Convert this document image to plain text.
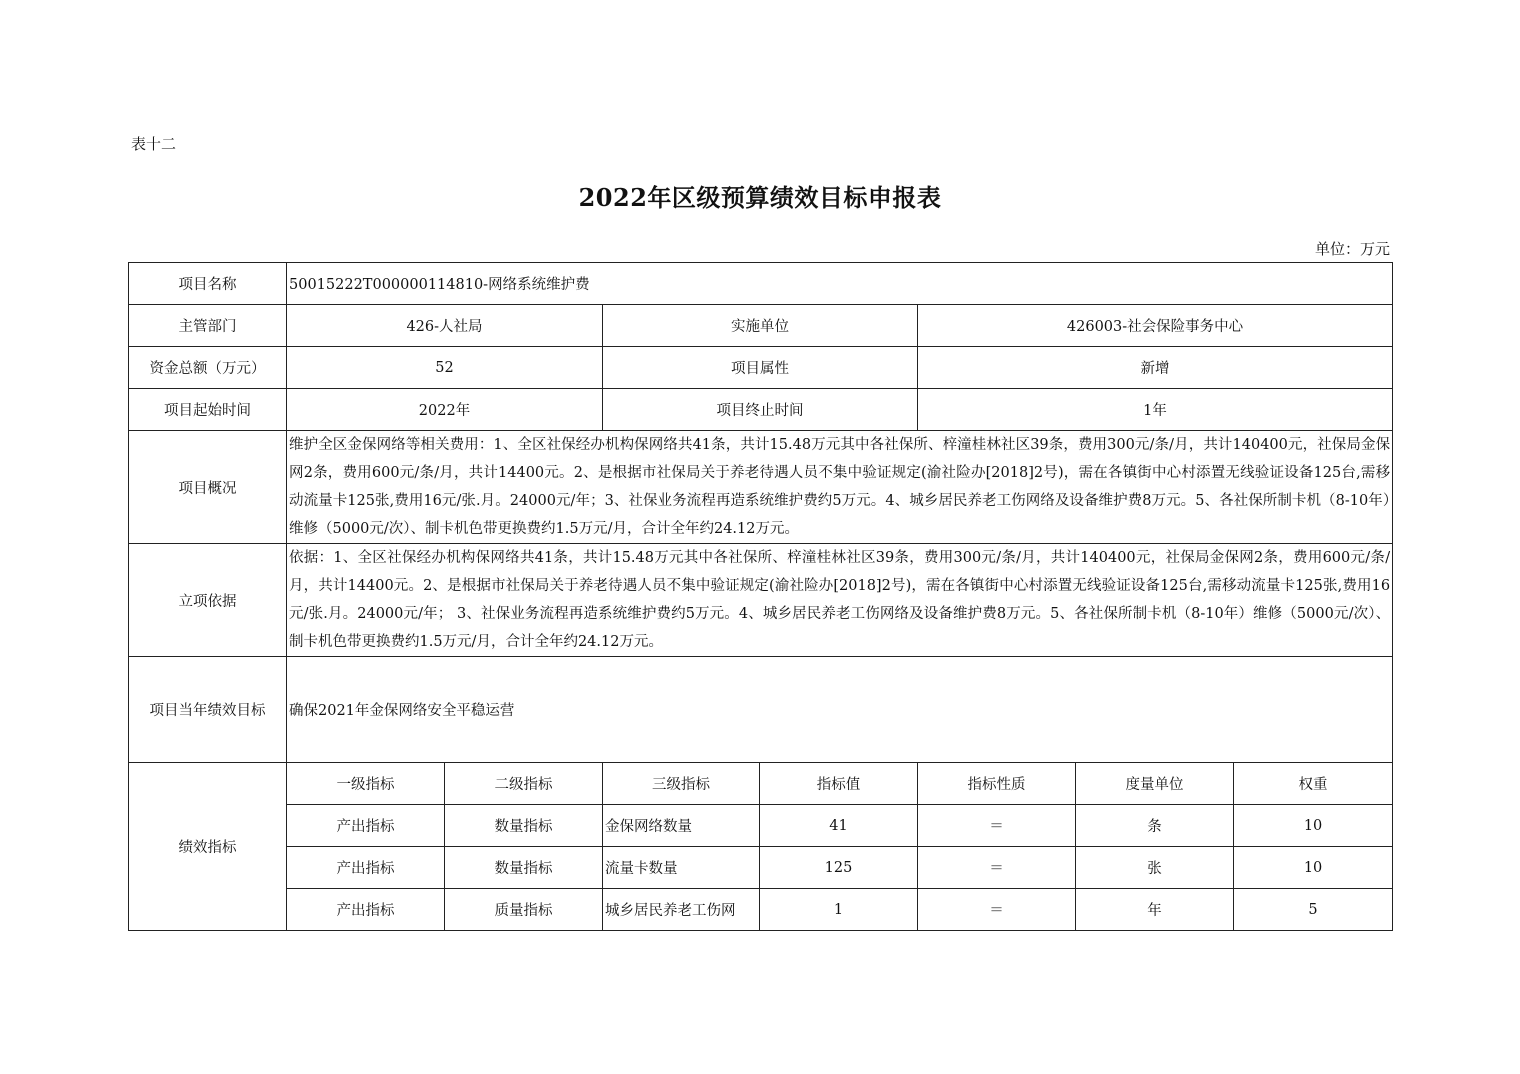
表十二
2022年区级预算绩效目标申报表
单位：万元
项目名称	50015222T000000114810-网络系统维护费						
主管部门	426-人社局		实施单位		426003-社会保险事务中心		
资金总额（万元）	52		项目属性		新增		
项目起始时间	2022年		项目终止时间		1年		
项目概况	维护全区金保网络等相关费用：1、全区社保经办机构保网络共41条，共计15.48万元其中各社保所、梓潼桂林社区39条，费用300元/条/月，共计140400元，社保局金保网2条，费用600元/条/月，共计14400元。2、是根据市社保局关于养老待遇人员不集中验证规定(渝社险办[2018]2号)，需在各镇街中心村添置无线验证设备125台,需移动流量卡125张,费用16元/张.月。24000元/年；3、社保业务流程再造系统维护费约5万元。4、城乡居民养老工伤网络及设备维护费8万元。5、各社保所制卡机（8-10年）维修（5000元/次）、制卡机色带更换费约1.5万元/月，合计全年约24.12万元。						
立项依据	依据：1、全区社保经办机构保网络共41条，共计15.48万元其中各社保所、梓潼桂林社区39条，费用300元/条/月，共计140400元，社保局金保网2条，费用600元/条/月，共计14400元。2、是根据市社保局关于养老待遇人员不集中验证规定(渝社险办[2018]2号)，需在各镇街中心村添置无线验证设备125台,需移动流量卡125张,费用16元/张.月。24000元/年； 3、社保业务流程再造系统维护费约5万元。4、城乡居民养老工伤网络及设备维护费8万元。5、各社保所制卡机（8-10年）维修（5000元/次）、制卡机色带更换费约1.5万元/月，合计全年约24.12万元。						
项目当年绩效目标	确保2021年金保网络安全平稳运营						
绩效指标	一级指标	二级指标	三级指标	指标值	指标性质	度量单位	权重
	产出指标	数量指标	金保网络数量	41	＝	条	10
	产出指标	数量指标	流量卡数量	125	＝	张	10
	产出指标	质量指标	城乡居民养老工伤网	1	＝	年	5
